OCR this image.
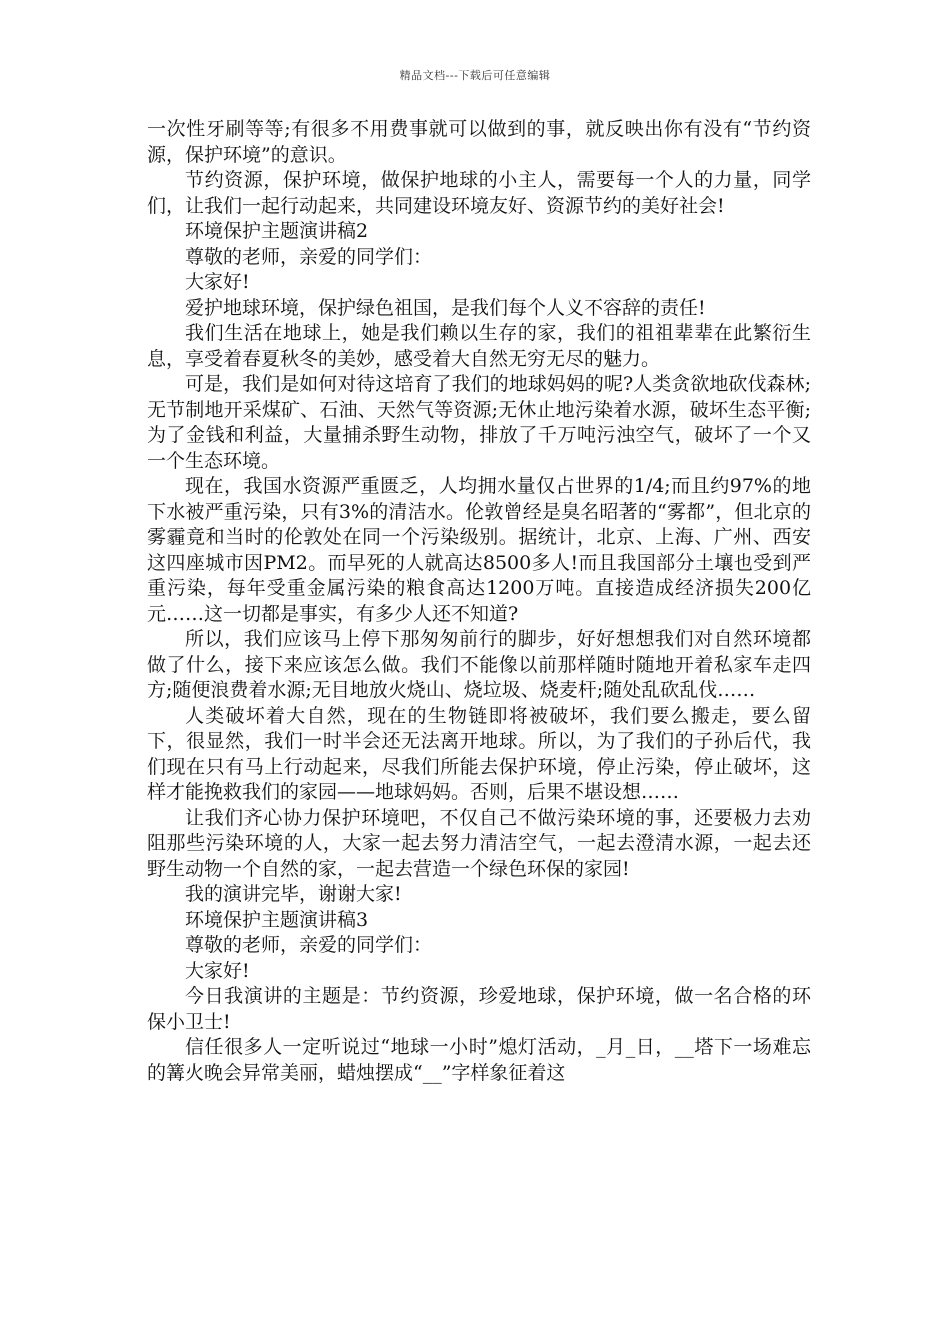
精品文档---下载后可任意编辑

一次性牙刷等等;有很多不用费事就可以做到的事，就反映出你有没有“节约资源，保护环境”的意识。

节约资源，保护环境，做保护地球的小主人，需要每一个人的力量，同学们，让我们一起行动起来，共同建设环境友好、资源节约的美好社会!

环境保护主题演讲稿2

尊敬的老师，亲爱的同学们：

大家好!

爱护地球环境，保护绿色祖国，是我们每个人义不容辞的责任!

我们生活在地球上，她是我们赖以生存的家，我们的祖祖辈辈在此繁衍生息，享受着春夏秋冬的美妙，感受着大自然无穷无尽的魅力。

可是，我们是如何对待这培育了我们的地球妈妈的呢?人类贪欲地砍伐森林;无节制地开采煤矿、石油、天然气等资源;无休止地污染着水源，破坏生态平衡;为了金钱和利益，大量捕杀野生动物，排放了千万吨污浊空气，破坏了一个又一个生态环境。

现在，我国水资源严重匮乏，人均拥水量仅占世界的1/4;而且约97%的地下水被严重污染，只有3%的清洁水。伦敦曾经是臭名昭著的“雾都”，但北京的雾霾竟和当时的伦敦处在同一个污染级别。据统计，北京、上海、广州、西安这四座城市因PM2。而早死的人就高达8500多人!而且我国部分土壤也受到严重污染，每年受重金属污染的粮食高达1200万吨。直接造成经济损失200亿元……这一切都是事实，有多少人还不知道?

所以，我们应该马上停下那匆匆前行的脚步，好好想想我们对自然环境都做了什么，接下来应该怎么做。我们不能像以前那样随时随地开着私家车走四方;随便浪费着水源;无目地放火烧山、烧垃圾、烧麦杆;随处乱砍乱伐……

人类破坏着大自然，现在的生物链即将被破坏，我们要么搬走，要么留下，很显然，我们一时半会还无法离开地球。所以，为了我们的子孙后代，我们现在只有马上行动起来，尽我们所能去保护环境，停止污染，停止破坏，这样才能挽救我们的家园——地球妈妈。否则，后果不堪设想……

让我们齐心协力保护环境吧，不仅自己不做污染环境的事，还要极力去劝阻那些污染环境的人，大家一起去努力清洁空气，一起去澄清水源，一起去还野生动物一个自然的家，一起去营造一个绿色环保的家园!

我的演讲完毕，谢谢大家!

环境保护主题演讲稿3

尊敬的老师，亲爱的同学们：

大家好!

今日我演讲的主题是：节约资源，珍爱地球，保护环境，做一名合格的环保小卫士!

信任很多人一定听说过“地球一小时”熄灯活动，_月_日，__塔下一场难忘的篝火晚会异常美丽，蜡烛摆成“__”字样象征着这
